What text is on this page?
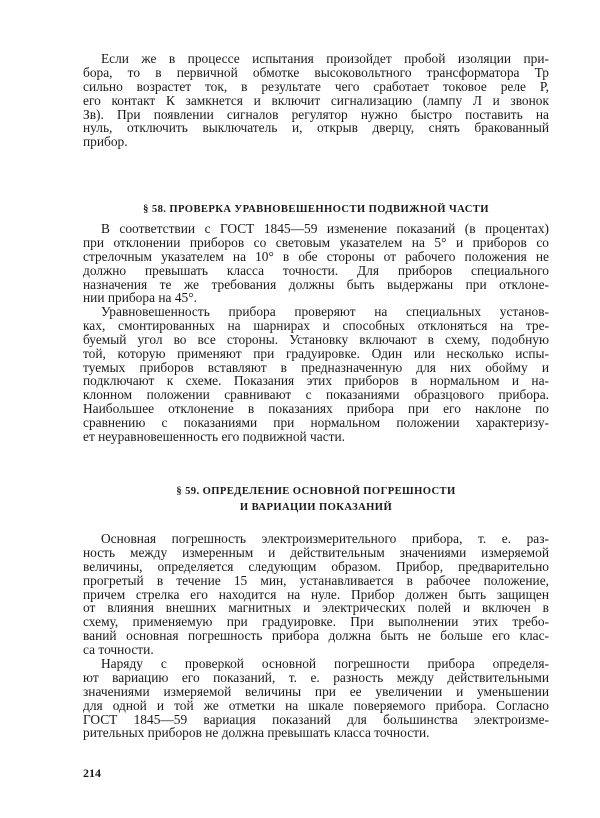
Если же в процессе испытания произойдет пробой изоляции при-
бора, то в первичной обмотке высоковольтного трансформатора Тр
сильно возрастет ток, в результате чего сработает токовое реле Р,
его контакт К замкнется и включит сигнализацию (лампу Л и звонок
Зв). При появлении сигналов регулятор нужно быстро поставить на
нуль, отключить выключатель и, открыв дверцу, снять бракованный
прибор.
§ 58. ПРОВЕРКА УРАВНОВЕШЕННОСТИ ПОДВИЖНОЙ ЧАСТИ
В соответствии с ГОСТ 1845—59 изменение показаний (в процентах)
при отклонении приборов со световым указателем на 5° и приборов со
стрелочным указателем на 10° в обе стороны от рабочего положения не
должно превышать класса точности. Для приборов специального
назначения те же требования должны быть выдержаны при отклоне-
нии прибора на 45°.
Уравновешенность прибора проверяют на специальных установ-
ках, смонтированных на шарнирах и способных отклоняться на тре-
буемый угол во все стороны. Установку включают в схему, подобную
той, которую применяют при градуировке. Один или несколько испы-
туемых приборов вставляют в предназначенную для них обойму и
подключают к схеме. Показания этих приборов в нормальном и на-
клонном положении сравнивают с показаниями образцового прибора.
Наибольшее отклонение в показаниях прибора при его наклоне по
сравнению с показаниями при нормальном положении характеризу-
ет неуравновешенность его подвижной части.
§ 59. ОПРЕДЕЛЕНИЕ ОСНОВНОЙ ПОГРЕШНОСТИ
И ВАРИАЦИИ ПОКАЗАНИЙ
Основная погрешность электроизмерительного прибора, т. е. раз-
ность между измеренным и действительным значениями измеряемой
величины, определяется следующим образом. Прибор, предварительно
прогретый в течение 15 мин, устанавливается в рабочее положение,
причем стрелка его находится на нуле. Прибор должен быть защищен
от влияния внешних магнитных и электрических полей и включен в
схему, применяемую при градуировке. При выполнении этих требо-
ваний основная погрешность прибора должна быть не больше его клас-
са точности.
Наряду с проверкой основной погрешности прибора определя-
ют вариацию его показаний, т. е. разность между действительными
значениями измеряемой величины при ее увеличении и уменьшении
для одной и той же отметки на шкале поверяемого прибора. Согласно
ГОСТ 1845—59 вариация показаний для большинства электроизме-
рительных приборов не должна превышать класса точности.
214
